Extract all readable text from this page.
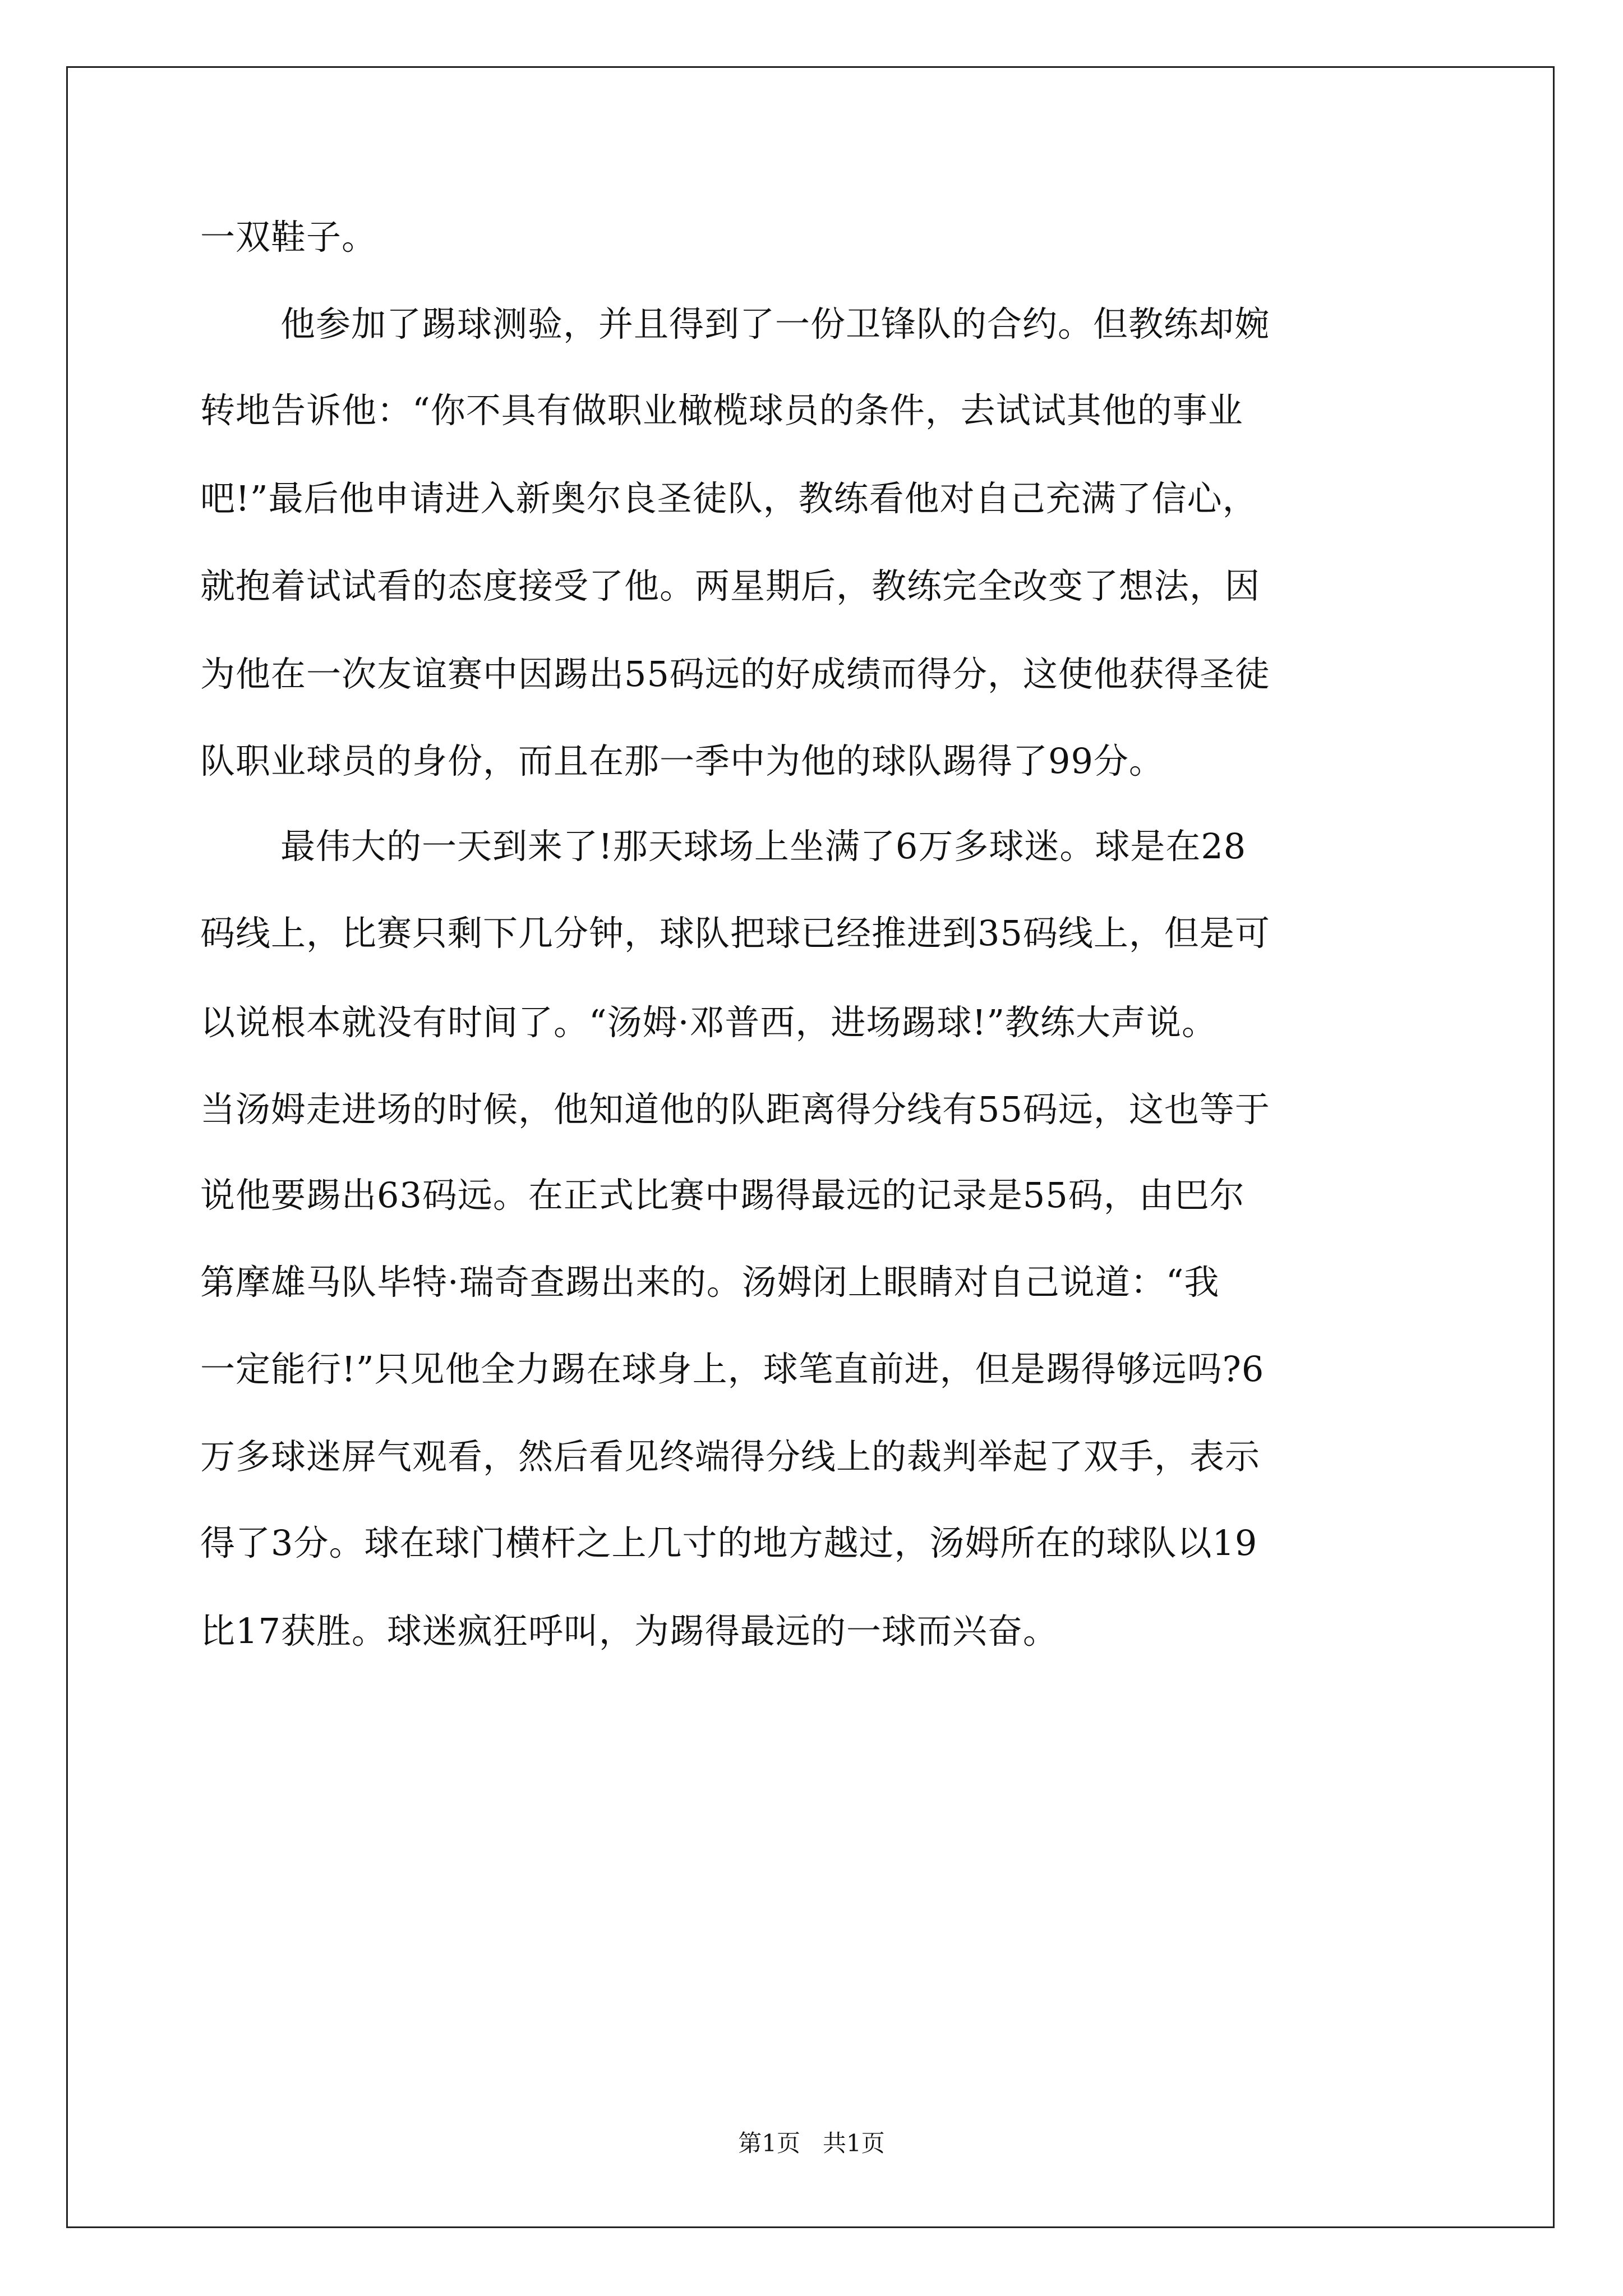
一双鞋子。
他参加了踢球测验，并且得到了一份卫锋队的合约。但教练却婉
转地告诉他：“你不具有做职业橄榄球员的条件，去试试其他的事业
吧!”最后他申请进入新奥尔良圣徒队，教练看他对自己充满了信心，
就抱着试试看的态度接受了他。两星期后，教练完全改变了想法，因
为他在一次友谊赛中因踢出55码远的好成绩而得分，这使他获得圣徒
队职业球员的身份，而且在那一季中为他的球队踢得了99分。
最伟大的一天到来了!那天球场上坐满了6万多球迷。球是在28
码线上，比赛只剩下几分钟，球队把球已经推进到35码线上，但是可
以说根本就没有时间了。“汤姆·邓普西，进场踢球!”教练大声说。
当汤姆走进场的时候，他知道他的队距离得分线有55码远，这也等于
说他要踢出63码远。在正式比赛中踢得最远的记录是55码，由巴尔
第摩雄马队毕特·瑞奇查踢出来的。汤姆闭上眼睛对自己说道：“我
一定能行!”只见他全力踢在球身上，球笔直前进，但是踢得够远吗?6
万多球迷屏气观看，然后看见终端得分线上的裁判举起了双手，表示
得了3分。球在球门横杆之上几寸的地方越过，汤姆所在的球队以19
比17获胜。球迷疯狂呼叫，为踢得最远的一球而兴奋。
第1页   共1页
